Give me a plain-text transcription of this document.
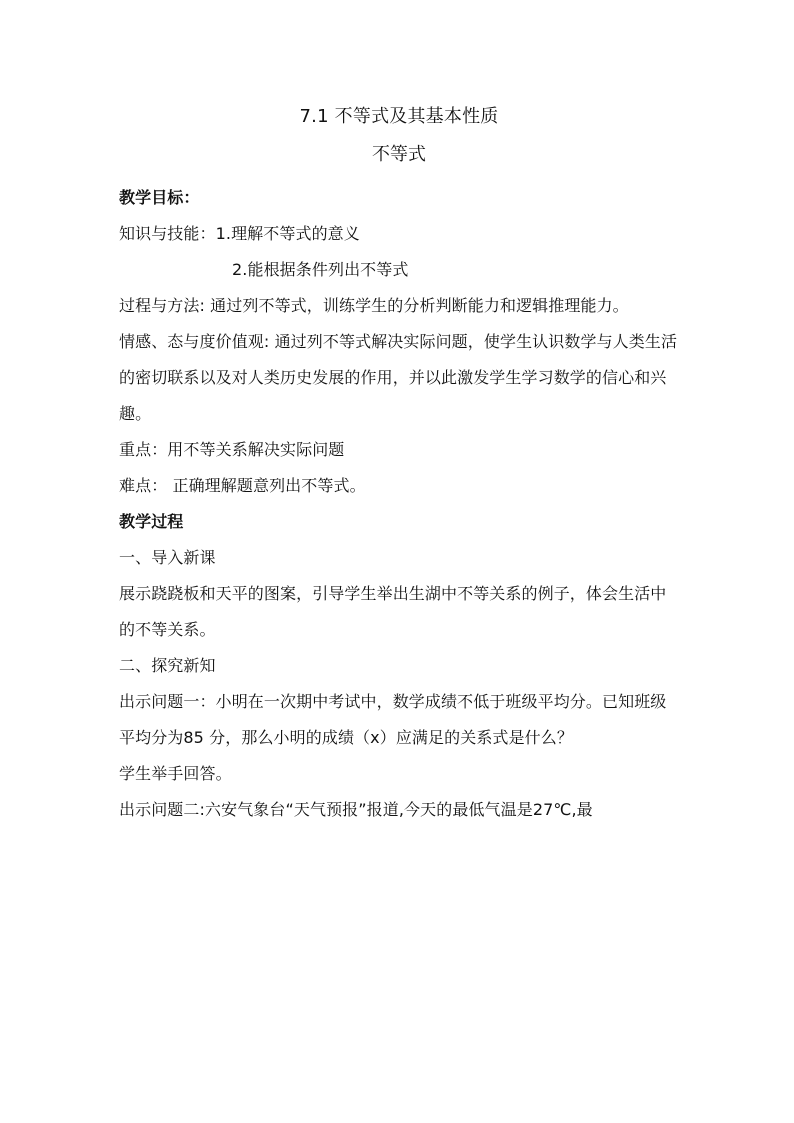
7.1 不等式及其基本性质
不等式

教学目标：

知识与技能：1.理解不等式的意义

2.能根据条件列出不等式

过程与方法: 通过列不等式，训练学生的分析判断能力和逻辑推理能力。

情感、态与度价值观: 通过列不等式解决实际问题，使学生认识数学与人类生活的密切联系以及对人类历史发展的作用，并以此激发学生学习数学的信心和兴趣。

重点：用不等关系解决实际问题

难点： 正确理解题意列出不等式。

教学过程

一、导入新课

展示跷跷板和天平的图案，引导学生举出生湖中不等关系的例子，体会生活中的不等关系。

二、探究新知

出示问题一：小明在一次期中考试中，数学成绩不低于班级平均分。已知班级平均分为85 分，那么小明的成绩（x）应满足的关系式是什么？

学生举手回答。

出示问题二:六安气象台“天气预报”报道,今天的最低气温是27℃,最
